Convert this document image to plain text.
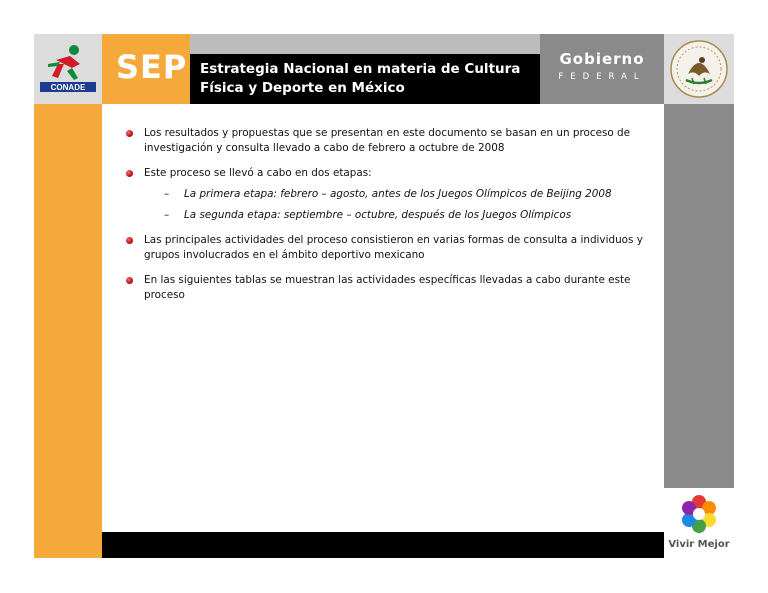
CONADE
SEP Estrategia Nacional en materia de Cultura
Física y Deporte en México
Gobierno
FEDERAL
Vivir Mejor
Los resultados y propuestas que se presentan en este documento se basan en un proceso de investigación y consulta llevado a cabo de febrero a octubre de 2008
Este proceso se llevó a cabo en dos etapas:
– La primera etapa: febrero – agosto, antes de los Juegos Olímpicos de Beijing 2008
– La segunda etapa: septiembre – octubre, después de los Juegos Olímpicos
Las principales actividades del proceso consistieron en varias formas de consulta a individuos y grupos involucrados en el ámbito deportivo mexicano
En las siguientes tablas se muestran las actividades específicas llevadas a cabo durante este proceso
